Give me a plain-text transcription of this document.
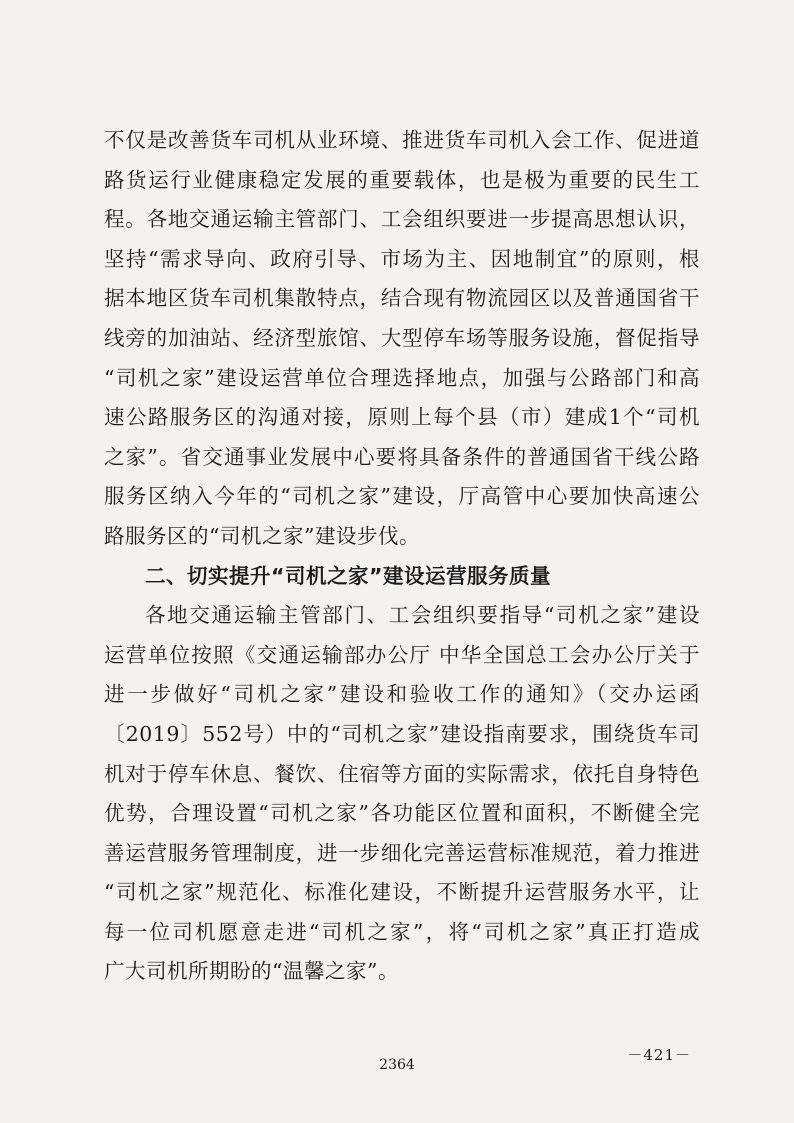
不仅是改善货车司机从业环境、推进货车司机入会工作、促进道
路货运行业健康稳定发展的重要载体，也是极为重要的民生工
程。各地交通运输主管部门、工会组织要进一步提高思想认识，
坚持“需求导向、政府引导、市场为主、因地制宜”的原则，根
据本地区货车司机集散特点，结合现有物流园区以及普通国省干
线旁的加油站、经济型旅馆、大型停车场等服务设施，督促指导
“司机之家”建设运营单位合理选择地点，加强与公路部门和高
速公路服务区的沟通对接，原则上每个县（市）建成1个“司机
之家”。省交通事业发展中心要将具备条件的普通国省干线公路
服务区纳入今年的“司机之家”建设，厅高管中心要加快高速公
路服务区的“司机之家”建设步伐。
二、切实提升“司机之家”建设运营服务质量
各地交通运输主管部门、工会组织要指导“司机之家”建设
运营单位按照《交通运输部办公厅 中华全国总工会办公厅关于
进一步做好“司机之家”建设和验收工作的通知》（交办运函
〔2019〕552号）中的“司机之家”建设指南要求，围绕货车司
机对于停车休息、餐饮、住宿等方面的实际需求，依托自身特色
优势，合理设置“司机之家”各功能区位置和面积，不断健全完
善运营服务管理制度，进一步细化完善运营标准规范，着力推进
“司机之家”规范化、标准化建设，不断提升运营服务水平，让
每一位司机愿意走进“司机之家”，将“司机之家”真正打造成
广大司机所期盼的“温馨之家”。
－421－
2364
